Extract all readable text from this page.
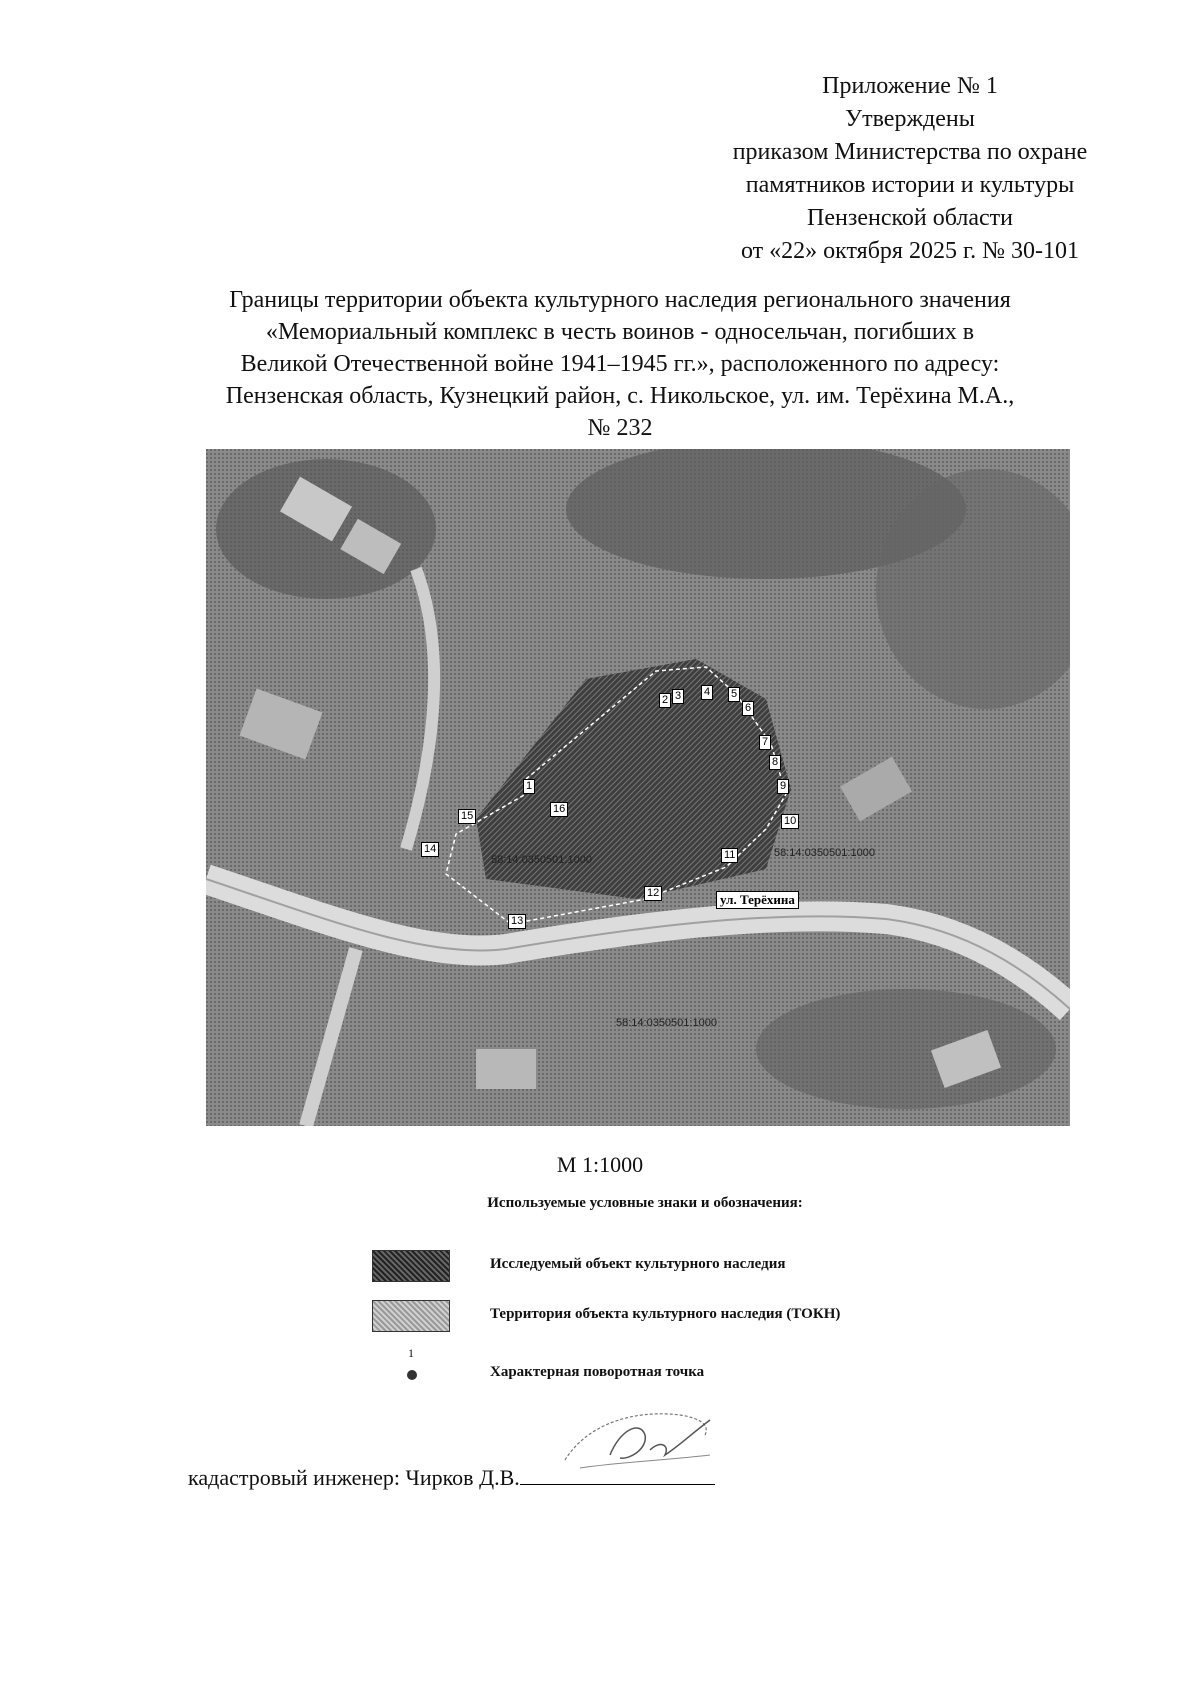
Приложение № 1
Утверждены
приказом Министерства по охране
памятников истории и культуры
Пензенской области
от «22» октября 2025 г. № 30-101
Границы территории объекта культурного наследия регионального значения
«Мемориальный комплекс в честь воинов - односельчан, погибших в
Великой Отечественной войне 1941–1945 гг.», расположенного по адресу:
Пензенская область, Кузнецкий район, с. Никольское, ул. им. Терёхина М.А.,
№ 232
1
2 3 4 5
6
7
8
9
10
11
12
13
14
15
16
58:14:0350501:1000
58:14:0350501:1000
58:14:0350501:1000
ул. Терёхина
М 1:1000
Используемые условные знаки и обозначения:
Исследуемый объект культурного наследия
Территория объекта культурного наследия (ТОКН)
1
Характерная поворотная точка
кадастровый инженер: Чирков Д.В.
